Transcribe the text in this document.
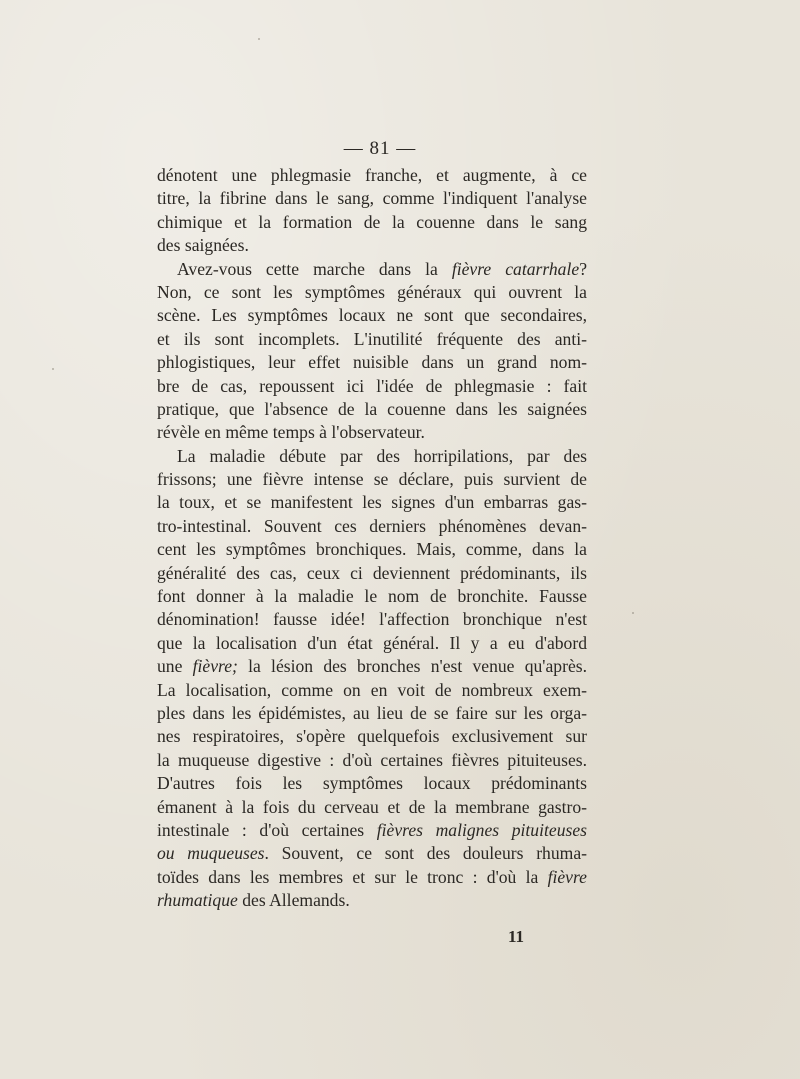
— 81 —
dénotent une phlegmasie franche, et augmente, à ce
titre, la fibrine dans le sang, comme l'indiquent l'analyse
chimique et la formation de la couenne dans le sang
des saignées.
Avez-vous cette marche dans la fièvre catarrhale?
Non, ce sont les symptômes généraux qui ouvrent la
scène. Les symptômes locaux ne sont que secondaires,
et ils sont incomplets. L'inutilité fréquente des anti-
phlogistiques, leur effet nuisible dans un grand nom-
bre de cas, repoussent ici l'idée de phlegmasie : fait
pratique, que l'absence de la couenne dans les saignées
révèle en même temps à l'observateur.
La maladie débute par des horripilations, par des
frissons; une fièvre intense se déclare, puis survient de
la toux, et se manifestent les signes d'un embarras gas-
tro-intestinal. Souvent ces derniers phénomènes devan-
cent les symptômes bronchiques. Mais, comme, dans la
généralité des cas, ceux ci deviennent prédominants, ils
font donner à la maladie le nom de bronchite. Fausse
dénomination! fausse idée! l'affection bronchique n'est
que la localisation d'un état général. Il y a eu d'abord
une fièvre; la lésion des bronches n'est venue qu'après.
La localisation, comme on en voit de nombreux exem-
ples dans les épidémistes, au lieu de se faire sur les orga-
nes respiratoires, s'opère quelquefois exclusivement sur
la muqueuse digestive : d'où certaines fièvres pituiteuses.
D'autres fois les symptômes locaux prédominants
émanent à la fois du cerveau et de la membrane gastro-
intestinale : d'où certaines fièvres malignes pituiteuses
ou muqueuses. Souvent, ce sont des douleurs rhuma-
toïdes dans les membres et sur le tronc : d'où la fièvre
rhumatique des Allemands.
11
